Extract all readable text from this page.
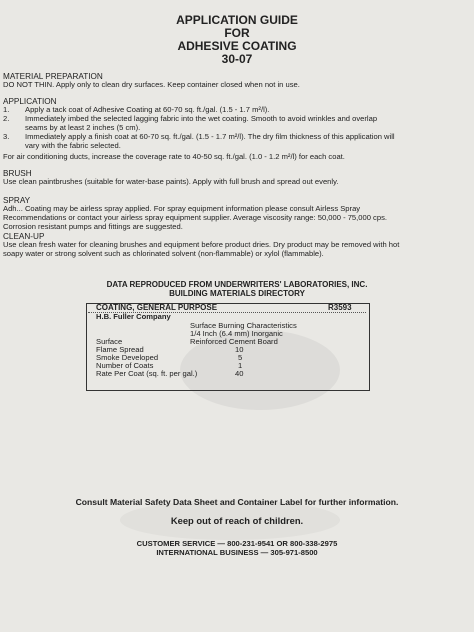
APPLICATION GUIDE
FOR
ADHESIVE COATING
30-07
MATERIAL PREPARATION
DO NOT THIN. Apply only to clean dry surfaces. Keep container closed when not in use.
APPLICATION
1. Apply a tack coat of Adhesive Coating at 60-70 sq. ft./gal. (1.5 - 1.7 m²/l).
2. Immediately imbed the selected lagging fabric into the wet coating. Smooth to avoid wrinkles and overlap
seams by at least 2 inches (5 cm).
3. Immediately apply a finish coat at 60-70 sq. ft./gal. (1.5 - 1.7 m²/l). The dry film thickness of this application will
vary with the fabric selected.
For air conditioning ducts, increase the coverage rate to 40-50 sq. ft./gal. (1.0 - 1.2 m²/l) for each coat.
BRUSH
Use clean paintbrushes (suitable for water-base paints). Apply with full brush and spread out evenly.
SPRAY
Adh... Coating may be airless spray applied. For spray equipment information please consult Airless Spray
Recommendations or contact your airless spray equipment supplier. Average viscosity range: 50,000 - 75,000 cps.
Corrosion resistant pumps and fittings are suggested.
CLEAN-UP
Use clean fresh water for cleaning brushes and equipment before product dries. Dry product may be removed with hot
soapy water or strong solvent such as chlorinated solvent (non-flammable) or xylol (flammable).
DATA REPRODUCED FROM UNDERWRITERS' LABORATORIES, INC.
BUILDING MATERIALS DIRECTORY
COATING, GENERAL PURPOSE	R3593
H.B. Fuller Company
Surface Burning Characteristics
1/4 Inch (6.4 mm) Inorganic
Surface	Reinforced Cement Board
Flame Spread	10
Smoke Developed	5
Number of Coats	1
Rate Per Coat (sq. ft. per gal.)	40
Consult Material Safety Data Sheet and Container Label for further information.
Keep out of reach of children.
CUSTOMER SERVICE — 800-231-9541 OR 800-338-2975
INTERNATIONAL BUSINESS — 305-971-8500
